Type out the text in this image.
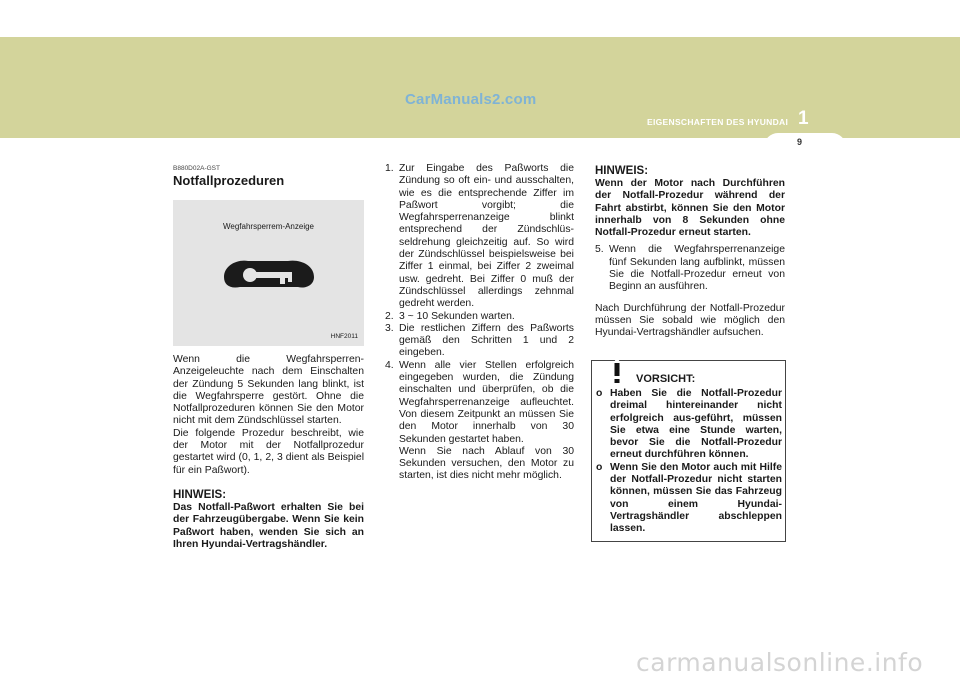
CarManuals2.com
EIGENSCHAFTEN DES HYUNDAI 1
9

B880D02A-GST

Notfallprozeduren
Wegfahrsperrem-Anzeige
HNF2011

Wenn die Wegfahrsperren-Anzeigeleuchte nach dem Einschalten der Zündung 5 Sekunden lang blinkt, ist die Wegfahrsperre gestört. Ohne die Notfallprozeduren können Sie den Motor nicht mit dem Zündschlüssel starten.

Die folgende Prozedur beschreibt, wie der Motor mit der Notfallprozedur gestartet wird (0, 1, 2, 3 dient als Beispiel für ein Paßwort).

HINWEIS:

Das Notfall-Paßwort erhalten Sie bei der Fahrzeugübergabe. Wenn Sie kein Paßwort haben, wenden Sie sich an Ihren Hyundai-Vertragshändler.

1. Zur Eingabe des Paßworts die Zündung so oft ein- und ausschalten, wie es die entsprechende Ziffer im Paßwort vorgibt; die Wegfahrsperrenanzeige blinkt entsprechend der Zündschlüs-seldrehung gleichzeitig auf. So wird der Zündschlüssel beispielsweise bei Ziffer 1 einmal, bei Ziffer 2 zweimal usw. gedreht. Bei Ziffer 0 muß der Zündschlüssel allerdings zehnmal gedreht werden.
2. 3 ~ 10 Sekunden warten.
3. Die restlichen Ziffern des Paßworts gemäß den Schritten 1 und 2 eingeben.
4. Wenn alle vier Stellen erfolgreich eingegeben wurden, die Zündung einschalten und überprüfen, ob die Wegfahrsperrenanzeige aufleuchtet. Von diesem Zeitpunkt an müssen Sie den Motor innerhalb von 30 Sekunden gestartet haben.
Wenn Sie nach Ablauf von 30 Sekunden versuchen, den Motor zu starten, ist dies nicht mehr möglich.

HINWEIS:

Wenn der Motor nach Durchführen der Notfall-Prozedur während der Fahrt abstirbt, können Sie den Motor innerhalb von 8 Sekunden ohne Notfall-Prozedur erneut starten.

5. Wenn die Wegfahrsperrenanzeige fünf Sekunden lang aufblinkt, müssen Sie die Notfall-Prozedur erneut von Beginn an ausführen.

Nach Durchführung der Notfall-Prozedur müssen Sie sobald wie möglich den Hyundai-Vertragshändler aufsuchen.

VORSICHT:
o Haben Sie die Notfall-Prozedur dreimal hintereinander nicht erfolgreich aus-geführt, müssen Sie etwa eine Stunde warten, bevor Sie die Notfall-Prozedur erneut durchführen können.
o Wenn Sie den Motor auch mit Hilfe der Notfall-Prozedur nicht starten können, müssen Sie das Fahrzeug von einem Hyundai-Vertragshändler abschleppen lassen.
carmanualsonline.info
